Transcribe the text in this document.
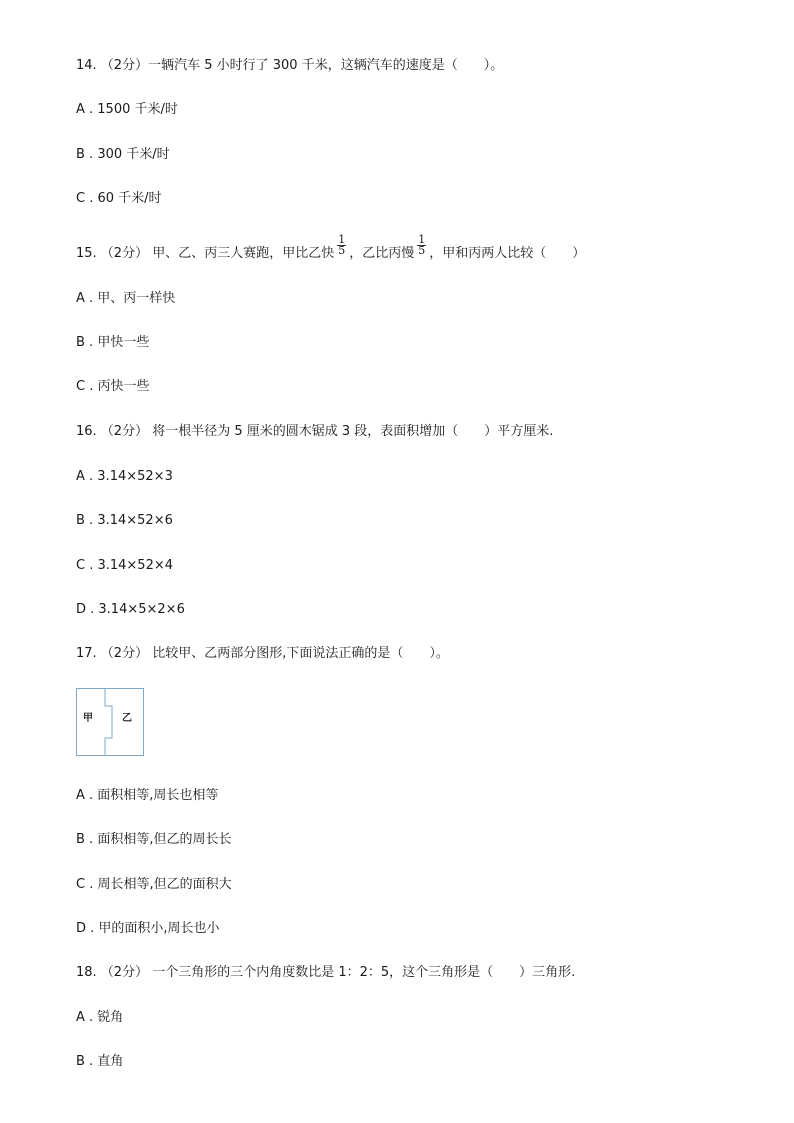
14. （2分）一辆汽车 5 小时行了 300 千米，这辆汽车的速度是（　　）。
A . 1500 千米/时
B . 300 千米/时
C . 60 千米/时
15. （2分） 甲、乙、丙三人赛跑，甲比乙快 $\frac{1}{5}$ ，乙比丙慢 $\frac{1}{5}$ ，甲和丙两人比较（　　）
A . 甲、丙一样快
B . 甲快一些
C . 丙快一些
16. （2分） 将一根半径为 5 厘米的圆木锯成 3 段，表面积增加（　　）平方厘米.
A . 3.14×52×3
B . 3.14×52×6
C . 3.14×52×4
D . 3.14×5×2×6
17. （2分） 比较甲、乙两部分图形,下面说法正确的是（　　）。
甲	乙
A . 面积相等,周长也相等
B . 面积相等,但乙的周长长
C . 周长相等,但乙的面积大
D . 甲的面积小,周长也小
18. （2分） 一个三角形的三个内角度数比是 1：2：5，这个三角形是（　　）三角形.
A . 锐角
B . 直角
